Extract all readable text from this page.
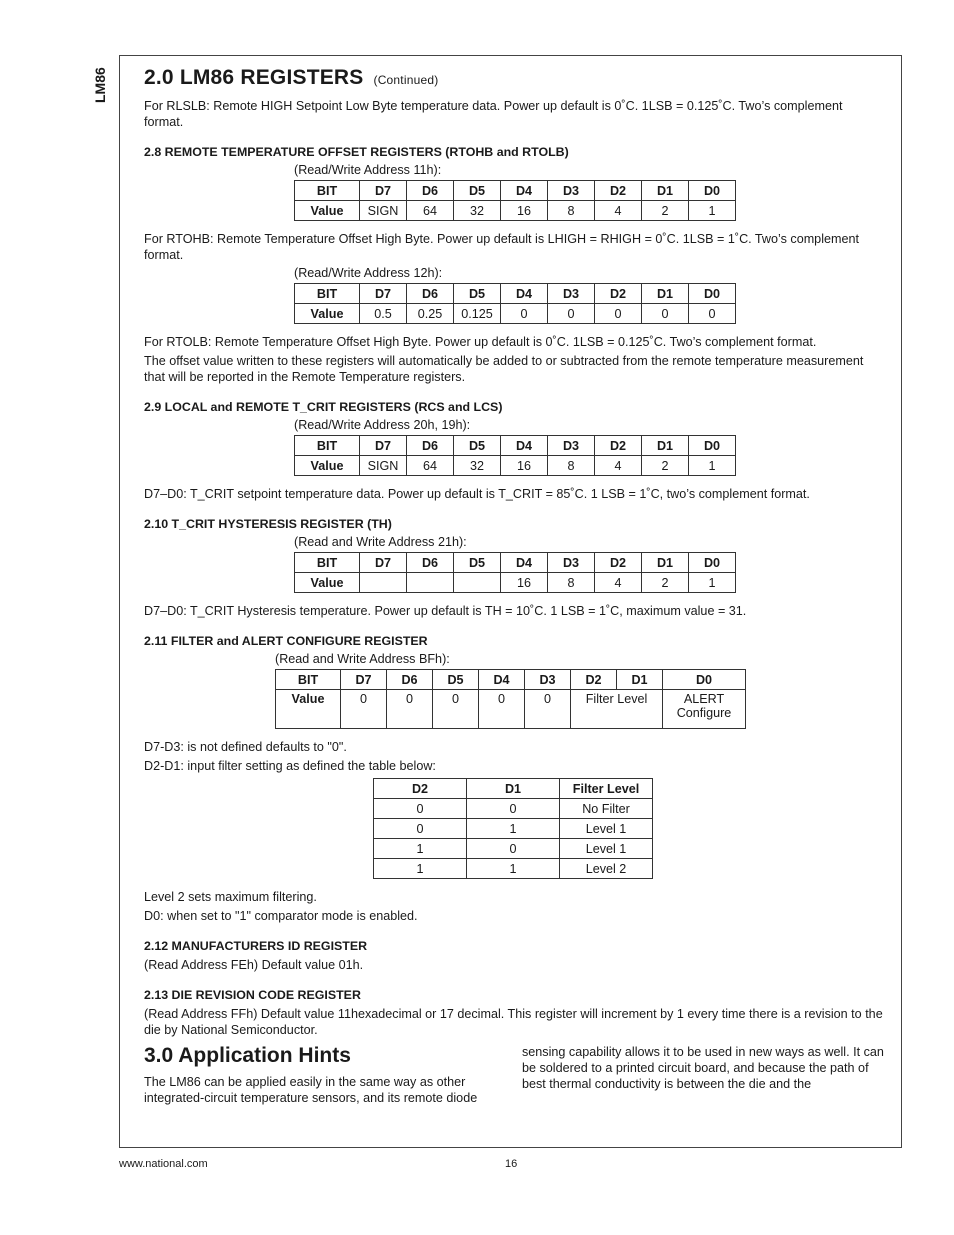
LM86 2.0 LM86 REGISTERS (Continued)

For RLSLB: Remote HIGH Setpoint Low Byte temperature data. Power up default is 0˚C. 1LSB = 0.125˚C. Two’s complement format.

2.8 REMOTE TEMPERATURE OFFSET REGISTERS (RTOHB and RTOLB)
(Read/Write Address 11h):
BIT	D7	D6	D5	D4	D3	D2	D1	D0
Value	SIGN	64	32	16	8	4	2	1

For RTOHB: Remote Temperature Offset High Byte. Power up default is LHIGH = RHIGH = 0˚C. 1LSB = 1˚C. Two’s complement format.

(Read/Write Address 12h):
BIT	D7	D6	D5	D4	D3	D2	D1	D0
Value	0.5	0.25	0.125	0	0	0	0	0

For RTOLB: Remote Temperature Offset High Byte. Power up default is 0˚C. 1LSB = 0.125˚C. Two’s complement format.

The offset value written to these registers will automatically be added to or subtracted from the remote temperature measurement that will be reported in the Remote Temperature registers.

2.9 LOCAL and REMOTE T_CRIT REGISTERS (RCS and LCS)
(Read/Write Address 20h, 19h):
BIT	D7	D6	D5	D4	D3	D2	D1	D0
Value	SIGN	64	32	16	8	4	2	1

D7–D0: T_CRIT setpoint temperature data. Power up default is T_CRIT = 85˚C. 1 LSB = 1˚C, two’s complement format.

2.10 T_CRIT HYSTERESIS REGISTER (TH)
(Read and Write Address 21h):
BIT	D7	D6	D5	D4	D3	D2	D1	D0
Value				16	8	4	2	1

D7–D0: T_CRIT Hysteresis temperature. Power up default is TH = 10˚C. 1 LSB = 1˚C, maximum value = 31.

2.11 FILTER and ALERT CONFIGURE REGISTER
(Read and Write Address BFh):
BIT	D7	D6	D5	D4	D3	D2	D1	D0
Value	0	0	0	0	0	Filter Level		ALERT Configure

D7-D3: is not defined defaults to "0".

D2-D1: input filter setting as defined the table below:

D2	D1	Filter Level
0	0	No Filter
0	1	Level 1
1	0	Level 1
1	1	Level 2

Level 2 sets maximum filtering.

D0: when set to "1" comparator mode is enabled.

2.12 MANUFACTURERS ID REGISTER

(Read Address FEh) Default value 01h.

2.13 DIE REVISION CODE REGISTER

(Read Address FFh) Default value 11hexadecimal or 17 decimal. This register will increment by 1 every time there is a revision to the die by National Semiconductor.

3.0 Application Hints

The LM86 can be applied easily in the same way as other integrated-circuit temperature sensors, and its remote diode

sensing capability allows it to be used in new ways as well. It can be soldered to a printed circuit board, and because the path of best thermal conductivity is between the die and the

www.national.com	16
